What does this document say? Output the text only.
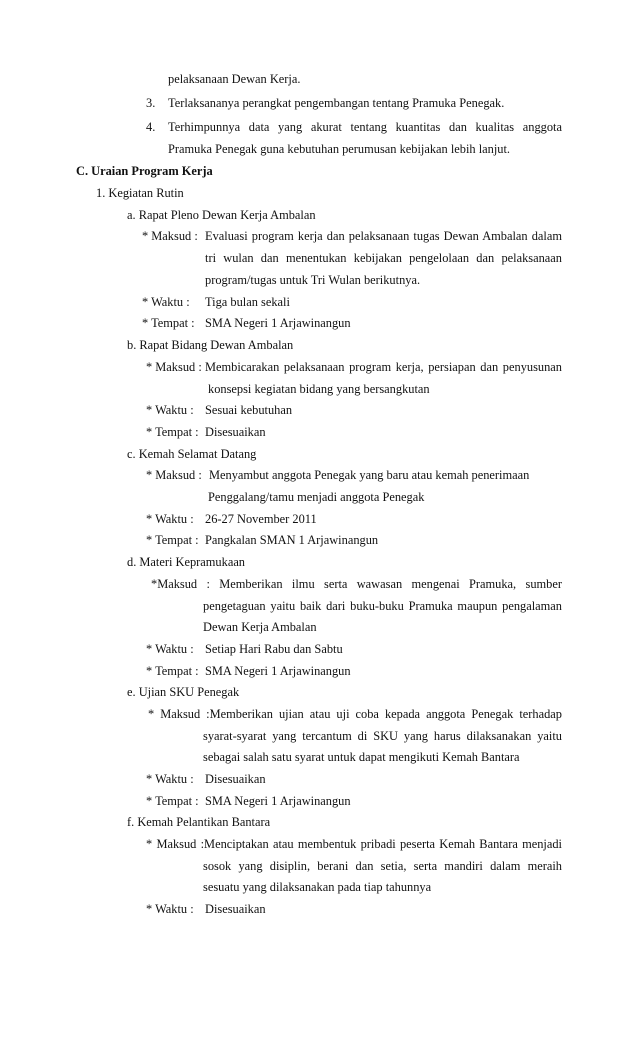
pelaksanaan Dewan Kerja.
3. Terlaksananya perangkat pengembangan tentang Pramuka Penegak.
4. Terhimpunnya data yang akurat tentang kuantitas dan kualitas anggota
Pramuka Penegak guna kebutuhan perumusan kebijakan lebih lanjut.
C. Uraian Program Kerja
1. Kegiatan Rutin
a. Rapat Pleno Dewan Kerja Ambalan
* Maksud : Evaluasi program kerja dan pelaksanaan tugas Dewan Ambalan dalam
tri wulan dan menentukan kebijakan pengelolaan dan pelaksanaan
program/tugas untuk Tri Wulan berikutnya.
* Waktu : Tiga bulan sekali
* Tempat : SMA Negeri 1 Arjawinangun
b. Rapat Bidang Dewan Ambalan
* Maksud : Membicarakan pelaksanaan program kerja, persiapan dan penyusunan
konsepsi kegiatan bidang yang bersangkutan
* Waktu : Sesuai kebutuhan
* Tempat : Disesuaikan
c. Kemah Selamat Datang
* Maksud : Menyambut anggota Penegak yang baru atau kemah penerimaan
Penggalang/tamu menjadi anggota Penegak
* Waktu : 26-27 November 2011
* Tempat : Pangkalan SMAN 1 Arjawinangun
d. Materi Kepramukaan
*Maksud : Memberikan ilmu serta wawasan mengenai Pramuka, sumber
pengetaguan yaitu baik dari buku-buku Pramuka maupun pengalaman
Dewan Kerja Ambalan
* Waktu : Setiap Hari Rabu dan Sabtu
* Tempat : SMA Negeri 1 Arjawinangun
e. Ujian SKU Penegak
* Maksud :Memberikan ujian atau uji coba kepada anggota Penegak terhadap
syarat-syarat yang tercantum di SKU yang harus dilaksanakan yaitu
sebagai salah satu syarat untuk dapat mengikuti Kemah Bantara
* Waktu : Disesuaikan
* Tempat : SMA Negeri 1 Arjawinangun
f. Kemah Pelantikan Bantara
* Maksud :Menciptakan atau membentuk pribadi peserta Kemah Bantara menjadi
sosok yang disiplin, berani dan setia, serta mandiri dalam meraih
sesuatu yang dilaksanakan pada tiap tahunnya
* Waktu : Disesuaikan
